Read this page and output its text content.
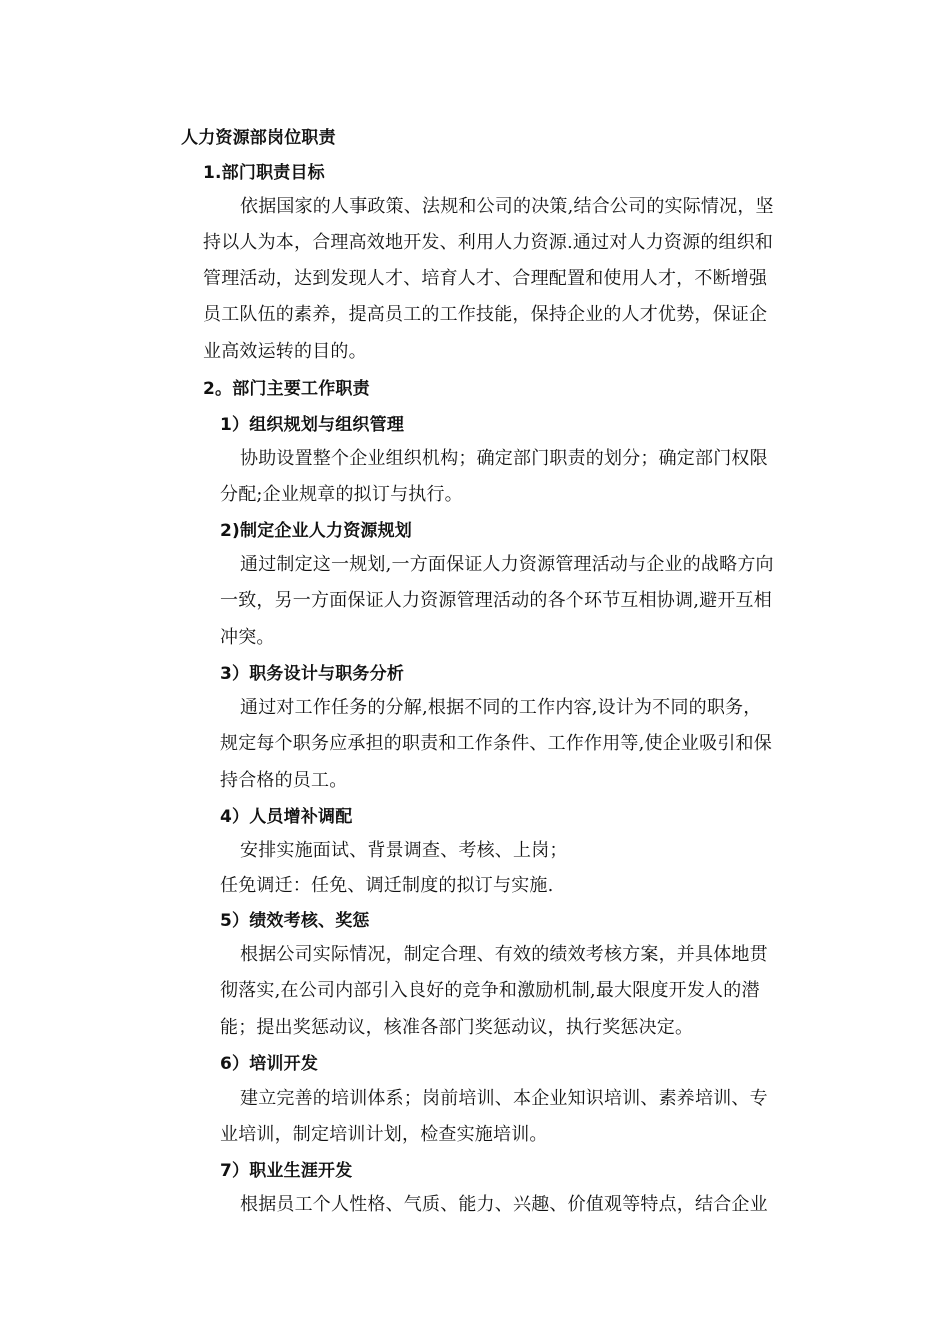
人力资源部岗位职责
1.部门职责目标
依据国家的人事政策、法规和公司的决策,结合公司的实际情况，坚
持以人为本，合理高效地开发、利用人力资源.通过对人力资源的组织和
管理活动，达到发现人才、培育人才、合理配置和使用人才，不断增强
员工队伍的素养，提高员工的工作技能，保持企业的人才优势，保证企
业高效运转的目的。
2。部门主要工作职责
1）组织规划与组织管理
协助设置整个企业组织机构；确定部门职责的划分；确定部门权限
分配;企业规章的拟订与执行。
2)制定企业人力资源规划
通过制定这一规划,一方面保证人力资源管理活动与企业的战略方向
一致，另一方面保证人力资源管理活动的各个环节互相协调,避开互相
冲突。
3）职务设计与职务分析
通过对工作任务的分解,根据不同的工作内容,设计为不同的职务，
规定每个职务应承担的职责和工作条件、工作作用等,使企业吸引和保
持合格的员工。
4）人员增补调配
安排实施面试、背景调查、考核、上岗；
任免调迁：任免、调迁制度的拟订与实施.
5）绩效考核、奖惩
根据公司实际情况，制定合理、有效的绩效考核方案，并具体地贯
彻落实,在公司内部引入良好的竞争和激励机制,最大限度开发人的潜
能；提出奖惩动议，核准各部门奖惩动议，执行奖惩决定。
6）培训开发
建立完善的培训体系；岗前培训、本企业知识培训、素养培训、专
业培训，制定培训计划，检查实施培训。
7）职业生涯开发
根据员工个人性格、气质、能力、兴趣、价值观等特点，结合企业
